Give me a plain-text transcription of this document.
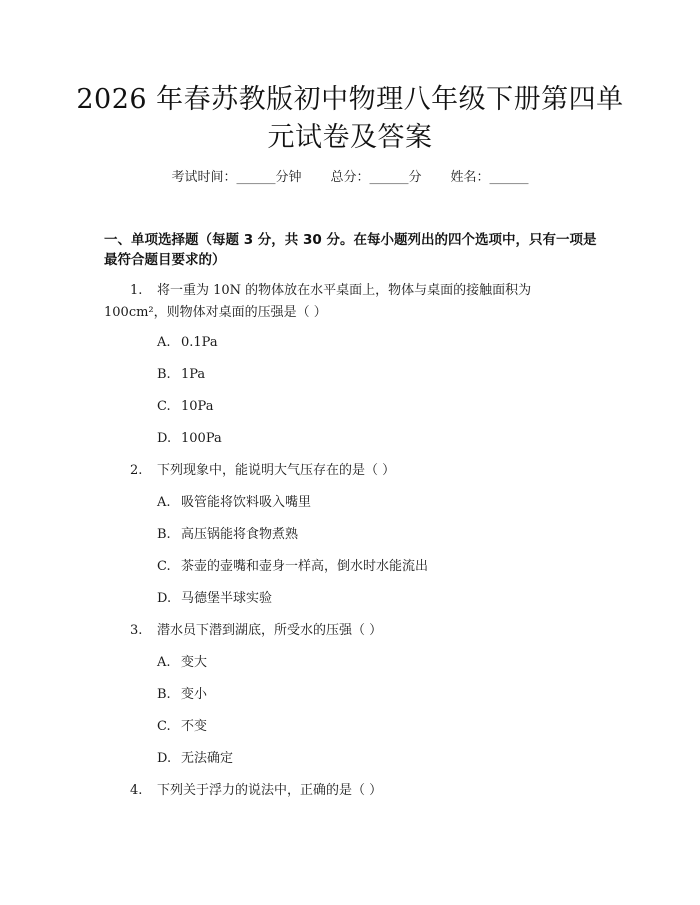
2026 年春苏教版初中物理八年级下册第四单
元试卷及答案
考试时间：______分钟 总分：______分 姓名：______
一、单项选择题（每题 3 分，共 30 分。在每小题列出的四个选项中，只有一项是
最符合题目要求的）
1. 将一重为 10N 的物体放在水平桌面上，物体与桌面的接触面积为
100cm²，则物体对桌面的压强是（ ）
A. 0.1Pa
B. 1Pa
C. 10Pa
D. 100Pa
2. 下列现象中，能说明大气压存在的是（ ）
A. 吸管能将饮料吸入嘴里
B. 高压锅能将食物煮熟
C. 茶壶的壶嘴和壶身一样高，倒水时水能流出
D. 马德堡半球实验
3. 潜水员下潜到湖底，所受水的压强（ ）
A. 变大
B. 变小
C. 不变
D. 无法确定
4. 下列关于浮力的说法中，正确的是（ ）
